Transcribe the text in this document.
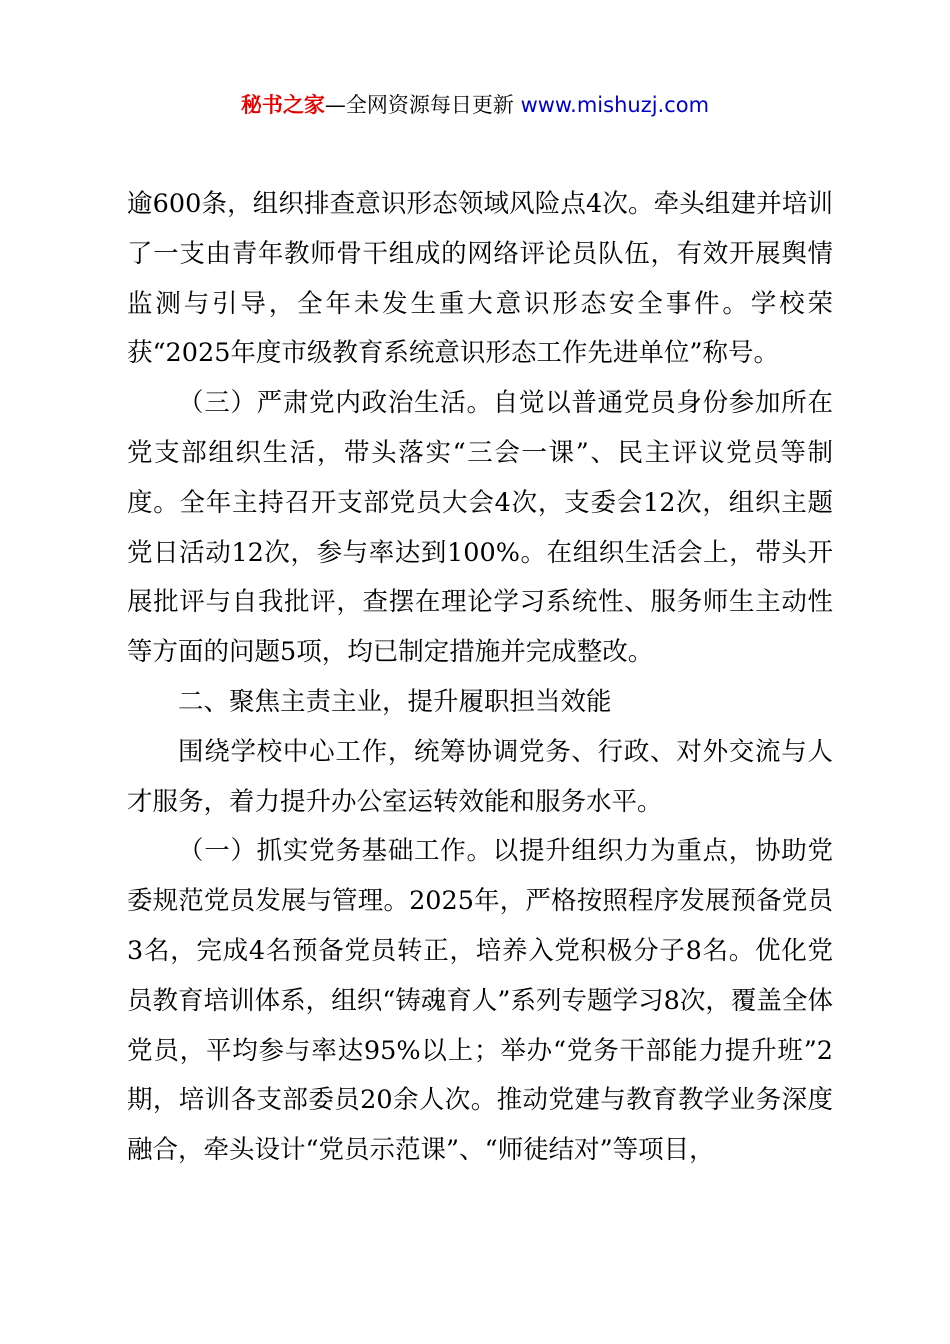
秘书之家—全网资源每日更新 www.mishuzj.com

逾600条，组织排查意识形态领域风险点4次。牵头组建并培训了一支由青年教师骨干组成的网络评论员队伍，有效开展舆情监测与引导，全年未发生重大意识形态安全事件。学校荣获“2025年度市级教育系统意识形态工作先进单位”称号。

（三）严肃党内政治生活。自觉以普通党员身份参加所在党支部组织生活，带头落实“三会一课”、民主评议党员等制度。全年主持召开支部党员大会4次，支委会12次，组织主题党日活动12次，参与率达到100%。在组织生活会上，带头开展批评与自我批评，查摆在理论学习系统性、服务师生主动性等方面的问题5项，均已制定措施并完成整改。

二、聚焦主责主业，提升履职担当效能

围绕学校中心工作，统筹协调党务、行政、对外交流与人才服务，着力提升办公室运转效能和服务水平。

（一）抓实党务基础工作。以提升组织力为重点，协助党委规范党员发展与管理。2025年，严格按照程序发展预备党员3名，完成4名预备党员转正，培养入党积极分子8名。优化党员教育培训体系，组织“铸魂育人”系列专题学习8次，覆盖全体党员，平均参与率达95%以上；举办“党务干部能力提升班”2期，培训各支部委员20余人次。推动党建与教育教学业务深度融合，牵头设计“党员示范课”、“师徒结对”等项目，
